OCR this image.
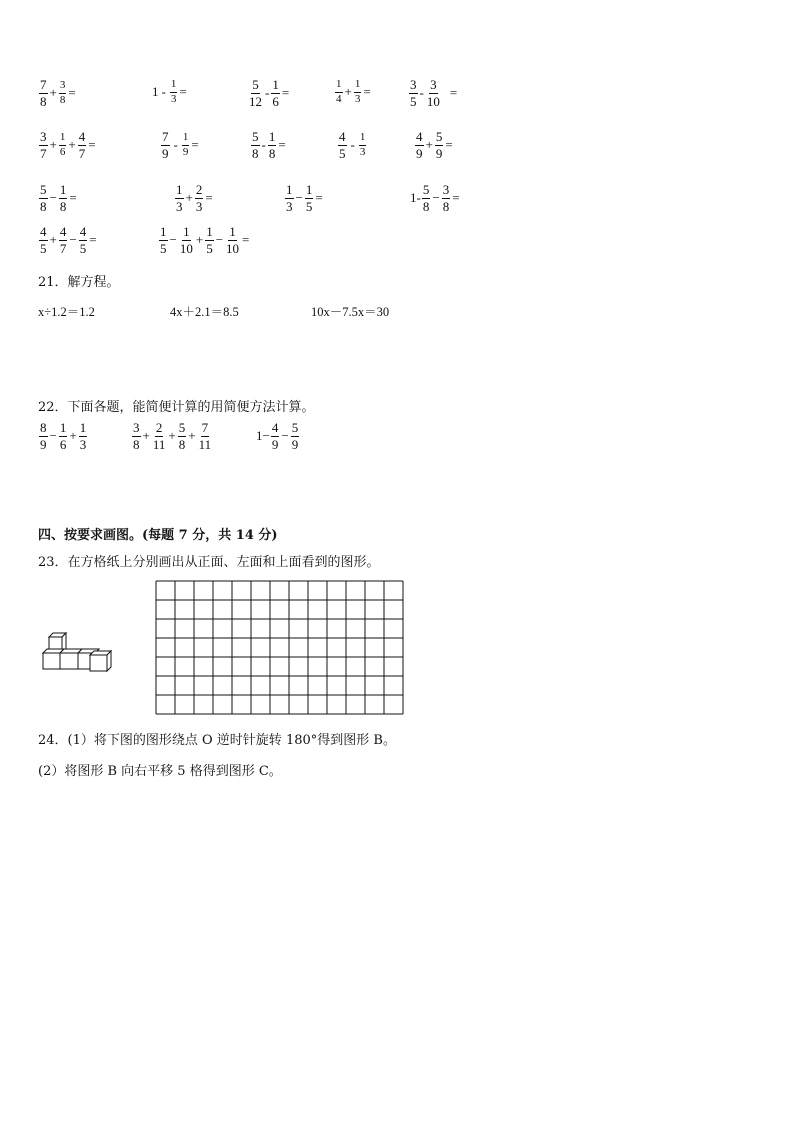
$\frac{7}{8} + \frac{3}{8}$ =	$1 - \frac{1}{3}$ =	$\frac{5}{12} - \frac{1}{6}$ =	$\frac{1}{4} + \frac{1}{3}$ =	$\frac{3}{5} - \frac{3}{10}$ =
$\frac{3}{7} + \frac{1}{6} + \frac{4}{7}$ =	$\frac{7}{9} - \frac{1}{9}$ =	$\frac{5}{8} - \frac{1}{8}$ =	$\frac{4}{5} - \frac{1}{3}$	$\frac{4}{9} + \frac{5}{9}$ =
$\frac{5}{8} - \frac{1}{8}$ =	$\frac{1}{3} + \frac{2}{3}$ =	$\frac{1}{3} - \frac{1}{5}$ =	$1- \frac{5}{8} - \frac{3}{8}$ =
$\frac{4}{5} + \frac{4}{7} - \frac{4}{5}$ =	$\frac{1}{5} - \frac{1}{10} + \frac{1}{5} - \frac{1}{10}$ =
21．解方程。
x÷1.2＝1.2	4x＋2.1＝8.5	10x－7.5x＝30
22．下面各题，能简便计算的用简便方法计算。
$\frac{8}{9} - \frac{1}{6} + \frac{1}{3}$	$\frac{3}{8} + \frac{2}{11} + \frac{5}{8} + \frac{7}{11}$	$1- \frac{4}{9} - \frac{5}{9}$
四、按要求画图。(每题 7 分，共 14 分)
23．在方格纸上分别画出从正面、左面和上面看到的图形。
24．(1）将下图的图形绕点 O 逆时针旋转 180°得到图形 B。
(2）将图形 B 向右平移 5 格得到图形 C。
